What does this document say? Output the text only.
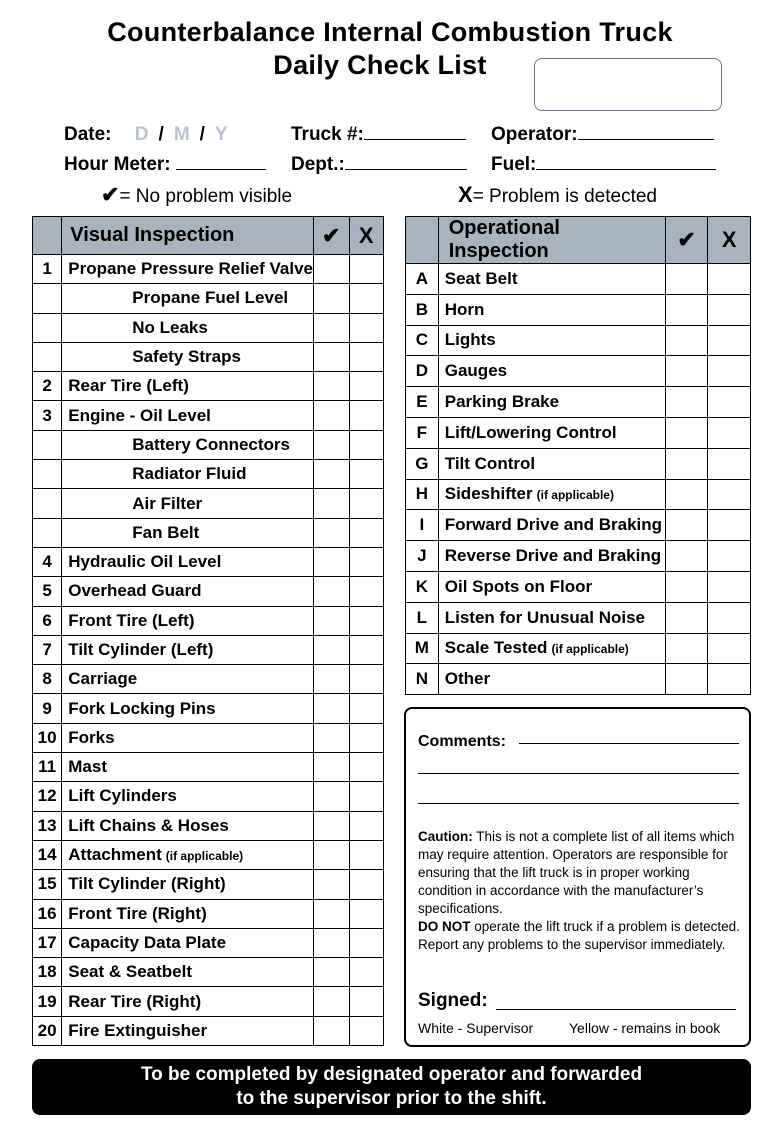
Counterbalance Internal Combustion Truck
Daily Check List
Date: D / M / Y	Truck #:	Operator:
Hour Meter:	Dept.:	Fuel:
✔= No problem visible	X= Problem is detected
	Visual Inspection	✔	X
1	Propane Pressure Relief Valve		
	Propane Fuel Level		
	No Leaks		
	Safety Straps		
2	Rear Tire (Left)		
3	Engine - Oil Level		
	Battery Connectors		
	Radiator Fluid		
	Air Filter		
	Fan Belt		
4	Hydraulic Oil Level		
5	Overhead Guard		
6	Front Tire (Left)		
7	Tilt Cylinder (Left)		
8	Carriage		
9	Fork Locking Pins		
10	Forks		
11	Mast		
12	Lift Cylinders		
13	Lift Chains & Hoses		
14	Attachment (if applicable)		
15	Tilt Cylinder (Right)		
16	Front Tire (Right)		
17	Capacity Data Plate		
18	Seat & Seatbelt		
19	Rear Tire (Right)		
20	Fire Extinguisher		
	Operational Inspection	✔	X
A	Seat Belt		
B	Horn		
C	Lights		
D	Gauges		
E	Parking Brake		
F	Lift/Lowering Control		
G	Tilt Control		
H	Sideshifter (if applicable)		
I	Forward Drive and Braking		
J	Reverse Drive and Braking		
K	Oil Spots on Floor		
L	Listen for Unusual Noise		
M	Scale Tested (if applicable)		
N	Other		
Comments:
Caution: This is not a complete list of all items which may require attention. Operators are responsible for ensuring that the lift truck is in proper working condition in accordance with the manufacturer’s specifications.
DO NOT operate the lift truck if a problem is detected. Report any problems to the supervisor immediately.
Signed:
White - Supervisor	Yellow - remains in book
To be completed by designated operator and forwarded
to the supervisor prior to the shift.
